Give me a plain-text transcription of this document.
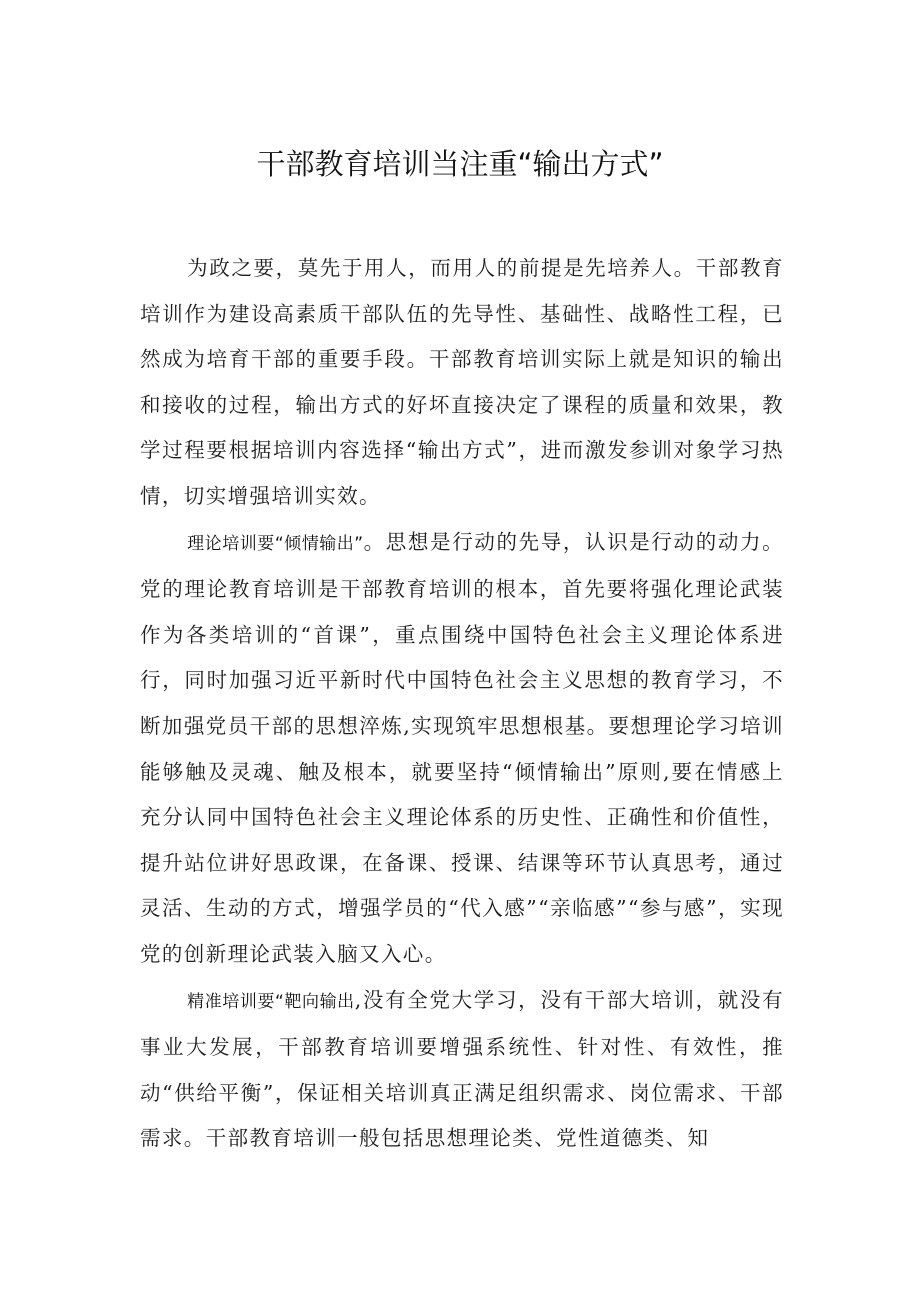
干部教育培训当注重“输出方式”

为政之要，莫先于用人，而用人的前提是先培养人。干部教育培训作为建设高素质干部队伍的先导性、基础性、战略性工程，已然成为培育干部的重要手段。干部教育培训实际上就是知识的输出和接收的过程，输出方式的好坏直接决定了课程的质量和效果，教学过程要根据培训内容选择“输出方式”，进而激发参训对象学习热情，切实增强培训实效。

理论培训要“倾情输出”。思想是行动的先导，认识是行动的动力。党的理论教育培训是干部教育培训的根本，首先要将强化理论武装作为各类培训的“首课”，重点围绕中国特色社会主义理论体系进行，同时加强习近平新时代中国特色社会主义思想的教育学习，不断加强党员干部的思想淬炼,实现筑牢思想根基。要想理论学习培训能够触及灵魂、触及根本，就要坚持“倾情输出”原则,要在情感上充分认同中国特色社会主义理论体系的历史性、正确性和价值性，提升站位讲好思政课，在备课、授课、结课等环节认真思考，通过灵活、生动的方式，增强学员的“代入感”“亲临感”“参与感”，实现党的创新理论武装入脑又入心。

精准培训要“靶向输出,没有全党大学习，没有干部大培训，就没有事业大发展，干部教育培训要增强系统性、针对性、有效性，推动“供给平衡”，保证相关培训真正满足组织需求、岗位需求、干部需求。干部教育培训一般包括思想理论类、党性道德类、知
